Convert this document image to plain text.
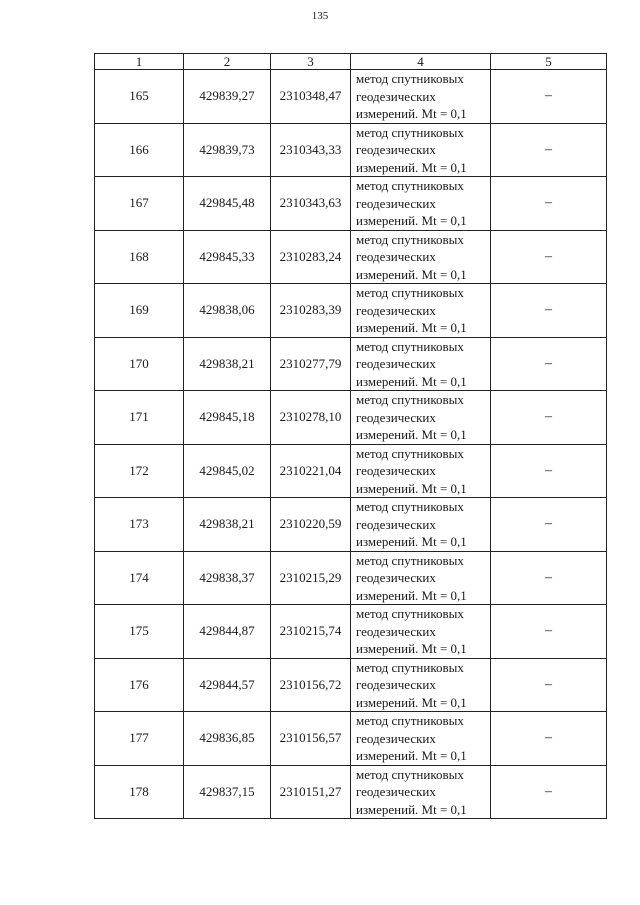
135
1	2	3	4	5
165	429839,27	2310348,47	метод спутниковых
геодезических
измерений. Mt = 0,1	–
166	429839,73	2310343,33	метод спутниковых
геодезических
измерений. Mt = 0,1	–
167	429845,48	2310343,63	метод спутниковых
геодезических
измерений. Mt = 0,1	–
168	429845,33	2310283,24	метод спутниковых
геодезических
измерений. Mt = 0,1	–
169	429838,06	2310283,39	метод спутниковых
геодезических
измерений. Mt = 0,1	–
170	429838,21	2310277,79	метод спутниковых
геодезических
измерений. Mt = 0,1	–
171	429845,18	2310278,10	метод спутниковых
геодезических
измерений. Mt = 0,1	–
172	429845,02	2310221,04	метод спутниковых
геодезических
измерений. Mt = 0,1	–
173	429838,21	2310220,59	метод спутниковых
геодезических
измерений. Mt = 0,1	–
174	429838,37	2310215,29	метод спутниковых
геодезических
измерений. Mt = 0,1	–
175	429844,87	2310215,74	метод спутниковых
геодезических
измерений. Mt = 0,1	–
176	429844,57	2310156,72	метод спутниковых
геодезических
измерений. Mt = 0,1	–
177	429836,85	2310156,57	метод спутниковых
геодезических
измерений. Mt = 0,1	–
178	429837,15	2310151,27	метод спутниковых
геодезических
измерений. Mt = 0,1	–
